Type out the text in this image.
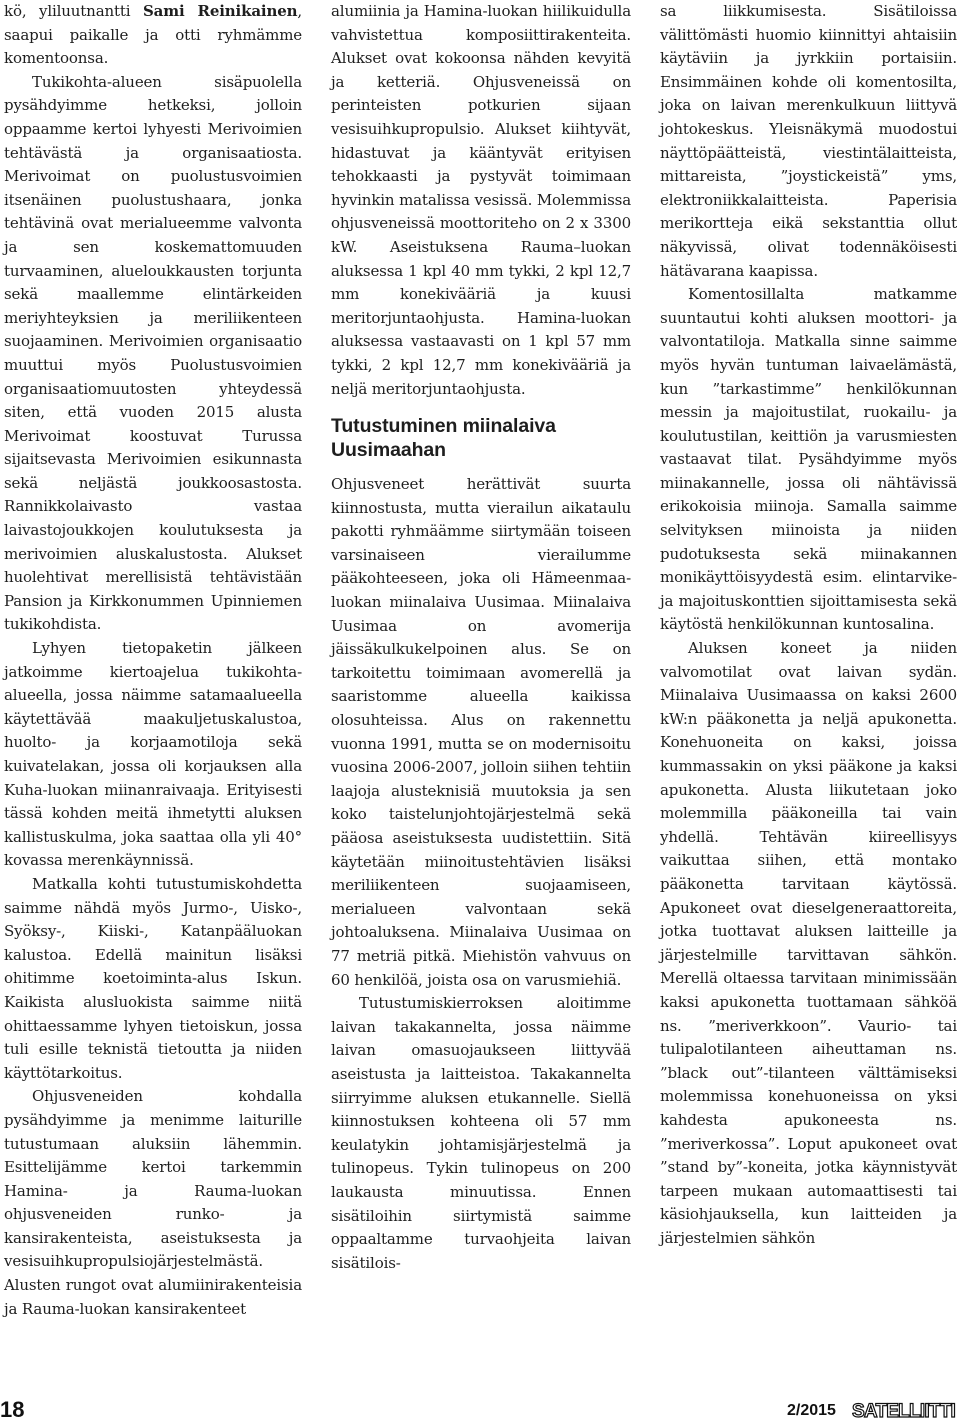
kö, yliluutnantti Sami Reinikainen, saapui paikalle ja otti ryhmämme komentoonsa.

Tukikohta-alueen sisäpuolella pysähdyimme hetkeksi, jolloin oppaamme kertoi lyhyesti Merivoimien tehtävästä ja organisaatiosta. Merivoimat on puolustusvoimien itsenäinen puolustushaara, jonka tehtävinä ovat merialueemme valvonta ja sen koskemattomuuden turvaaminen, alueloukkausten torjunta sekä maallemme elintärkeiden meriyhteyksien ja meriliikenteen suojaaminen. Merivoimien organisaatio muuttui myös Puolustusvoimien organisaatiomuutosten yhteydessä siten, että vuoden 2015 alusta Merivoimat koostuvat Turussa sijaitsevasta Merivoimien esikunnasta sekä neljästä joukkoosastosta. Rannikkolaivasto vastaa laivastojoukkojen koulutuksesta ja merivoimien aluskalustosta. Alukset huolehtivat merellisistä tehtävistään Pansion ja Kirkkonummen Upinniemen tukikohdista.

Lyhyen tietopaketin jälkeen jatkoimme kiertoajelua tukikohta-alueella, jossa näimme satamaalueella käytettävää maakuljetuskalustoa, huolto- ja korjaamotiloja sekä kuivatelakan, jossa oli korjauksen alla Kuha-luokan miinanraivaaja. Erityisesti tässä kohden meitä ihmetytti aluksen kallistuskulma, joka saattaa olla yli 40° kovassa merenkäynnissä.

Matkalla kohti tutustumiskohdetta saimme nähdä myös Jurmo-, Uisko-, Syöksy-, Kiiski-, Katanpääluokan kalustoa. Edellä mainitun lisäksi ohitimme koetoiminta-alus Iskun. Kaikista alusluokista saimme niitä ohittaessamme lyhyen tietoiskun, jossa tuli esille teknistä tietoutta ja niiden käyttötarkoitus.

Ohjusveneiden kohdalla pysähdyimme ja menimme laiturille tutustumaan aluksiin lähemmin. Esittelijämme kertoi tarkemmin Hamina- ja Rauma-luokan ohjusveneiden runko- ja kansirakenteista, aseistuksesta ja vesisuihkupropulsiojärjestelmästä. Alusten rungot ovat alumiinirakenteisia ja Rauma-luokan kansirakenteet

alumiinia ja Hamina-luokan hiilikuidulla vahvistettua komposiittirakenteita. Alukset ovat kokoonsa nähden kevyitä ja ketteriä. Ohjusveneissä on perinteisten potkurien sijaan vesisuihkupropulsio. Alukset kiihtyvät, hidastuvat ja kääntyvät erityisen tehokkaasti ja pystyvät toimimaan hyvinkin matalissa vesissä. Molemmissa ohjusveneissä moottoriteho on 2 x 3300 kW. Aseistuksena Rauma–luokan aluksessa 1 kpl 40 mm tykki, 2 kpl 12,7 mm konekivääriä ja kuusi meritorjuntaohjusta. Hamina-luokan aluksessa vastaavasti on 1 kpl 57 mm tykki, 2 kpl 12,7 mm konekivääriä ja neljä meritorjuntaohjusta.

Tutustuminen miinalaiva Uusimaahan

Ohjusveneet herättivät suurta kiinnostusta, mutta vierailun aikataulu pakotti ryhmäämme siirtymään toiseen varsinaiseen vierailumme pääkohteeseen, joka oli Hämeenmaa-luokan miinalaiva Uusimaa. Miinalaiva Uusimaa on avomerija jäissäkulkukelpoinen alus. Se on tarkoitettu toimimaan avomerellä ja saaristomme alueella kaikissa olosuhteissa. Alus on rakennettu vuonna 1991, mutta se on modernisoitu vuosina 2006-2007, jolloin siihen tehtiin laajoja alusteknisiä muutoksia ja sen koko taistelunjohtojärjestelmä sekä pääosa aseistuksesta uudistettiin. Sitä käytetään miinoitustehtävien lisäksi meriliikenteen suojaamiseen, merialueen valvontaan sekä johtoaluksena. Miinalaiva Uusimaa on 77 metriä pitkä. Miehistön vahvuus on 60 henkilöä, joista osa on varusmiehiä.

Tutustumiskierroksen aloitimme laivan takakannelta, jossa näimme laivan omasuojaukseen liittyvää aseistusta ja laitteistoa. Takakannelta siirryimme aluksen etukannelle. Siellä kiinnostuksen kohteena oli 57 mm keulatykin johtamisjärjestelmä ja tulinopeus. Tykin tulinopeus on 200 laukausta minuutissa. Ennen sisätiloihin siirtymistä saimme oppaaltamme turvaohjeita laivan sisätilois-

sa liikkumisesta. Sisätiloissa välittömästi huomio kiinnittyi ahtaisiin käytäviin ja jyrkkiin portaisiin. Ensimmäinen kohde oli komentosilta, joka on laivan merenkulkuun liittyvä johtokeskus. Yleisnäkymä muodostui näyttöpäätteistä, viestintälaitteista, mittareista, ”joystickeistä” yms, elektroniikkalaitteista. Paperisia merikortteja eikä sekstanttia ollut näkyvissä, olivat todennäköisesti hätävarana kaapissa.

Komentosillalta matkamme suuntautui kohti aluksen moottori- ja valvontatiloja. Matkalla sinne saimme myös hyvän tuntuman laivaelämästä, kun ”tarkastimme” henkilökunnan messin ja majoitustilat, ruokailu- ja koulutustilan, keittiön ja varusmiesten vastaavat tilat. Pysähdyimme myös miinakannelle, jossa oli nähtävissä erikokoisia miinoja. Samalla saimme selvityksen miinoista ja niiden pudotuksesta sekä miinakannen monikäyttöisyydestä esim. elintarvike- ja majoituskonttien sijoittamisesta sekä käytöstä henkilökunnan kuntosalina.

Aluksen koneet ja niiden valvomotilat ovat laivan sydän. Miinalaiva Uusimaassa on kaksi 2600 kW:n pääkonetta ja neljä apukonetta. Konehuoneita on kaksi, joissa kummassakin on yksi pääkone ja kaksi apukonetta. Alusta liikutetaan joko molemmilla pääkoneilla tai vain yhdellä. Tehtävän kiireellisyys vaikuttaa siihen, että montako pääkonetta tarvitaan käytössä. Apukoneet ovat dieselgeneraattoreita, jotka tuottavat aluksen laitteille ja järjestelmille tarvittavan sähkön. Merellä oltaessa tarvitaan minimissään kaksi apukonetta tuottamaan sähköä ns. ”meriverkkoon”. Vaurio- tai tulipalotilanteen aiheuttaman ns. ”black out”-tilanteen välttämiseksi molemmissa konehuoneissa on yksi kahdesta apukoneesta ns. ”meriverkossa”. Loput apukoneet ovat ”stand by”-koneita, jotka käynnistyvät tarpeen mukaan automaattisesti tai käsiohjauksella, kun laitteiden ja järjestelmien sähkön

18	2/2015 SATELLIITTI
